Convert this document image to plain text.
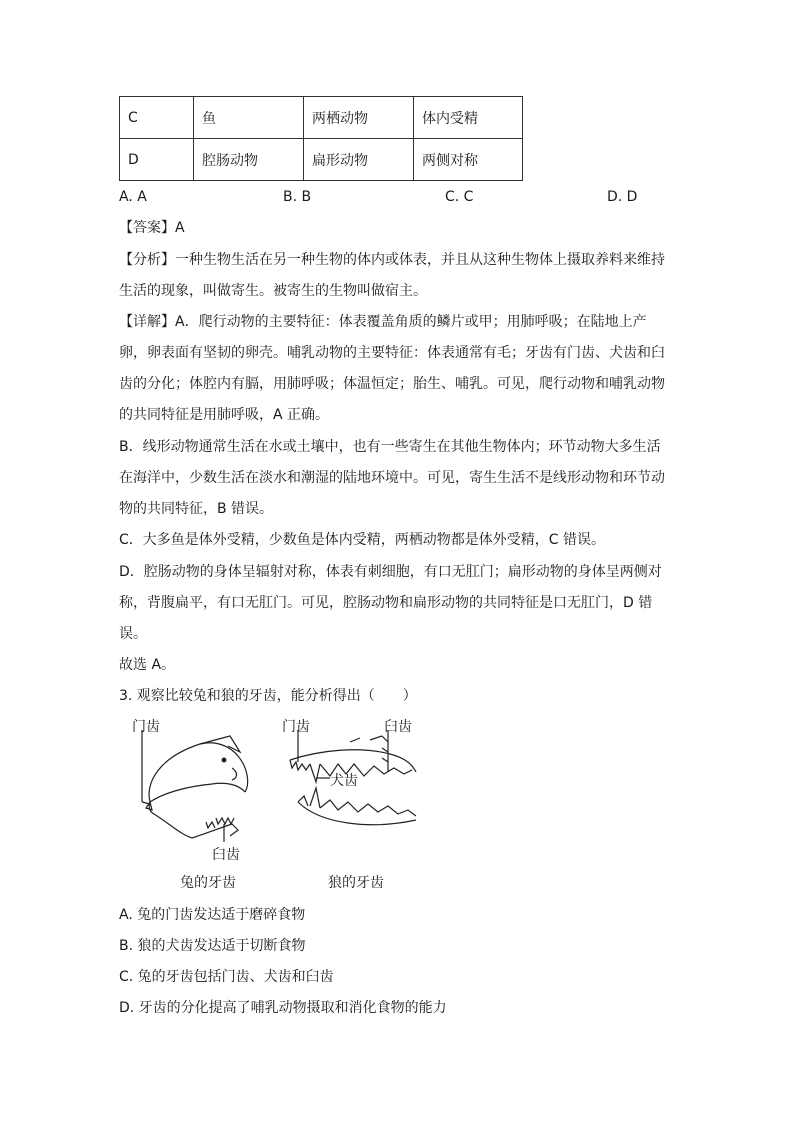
C	鱼	两栖动物	体内受精
D	腔肠动物	扁形动物	两侧对称
A. A	B. B	C. C	D. D
【答案】A
【分析】一种生物生活在另一种生物的体内或体表，并且从这种生物体上摄取养料来维持
生活的现象，叫做寄生。被寄生的生物叫做宿主。
【详解】A．爬行动物的主要特征：体表覆盖角质的鳞片或甲；用肺呼吸；在陆地上产
卵，卵表面有坚韧的卵壳。哺乳动物的主要特征：体表通常有毛；牙齿有门齿、犬齿和臼
齿的分化；体腔内有膈，用肺呼吸；体温恒定；胎生、哺乳。可见，爬行动物和哺乳动物
的共同特征是用肺呼吸，A 正确。
B．线形动物通常生活在水或土壤中，也有一些寄生在其他生物体内；环节动物大多生活
在海洋中，少数生活在淡水和潮湿的陆地环境中。可见，寄生生活不是线形动物和环节动
物的共同特征，B 错误。
C．大多鱼是体外受精，少数鱼是体内受精，两栖动物都是体外受精，C 错误。
D．腔肠动物的身体呈辐射对称，体表有刺细胞，有口无肛门；扁形动物的身体呈两侧对
称，背腹扁平，有口无肛门。可见，腔肠动物和扁形动物的共同特征是口无肛门，D 错
误。
故选 A。
3. 观察比较兔和狼的牙齿，能分析得出（　　）
门齿
臼齿
兔的牙齿
门齿	臼齿
犬齿
狼的牙齿
A. 兔的门齿发达适于磨碎食物
B. 狼的犬齿发达适于切断食物
C. 兔的牙齿包括门齿、犬齿和臼齿
D. 牙齿的分化提高了哺乳动物摄取和消化食物的能力
